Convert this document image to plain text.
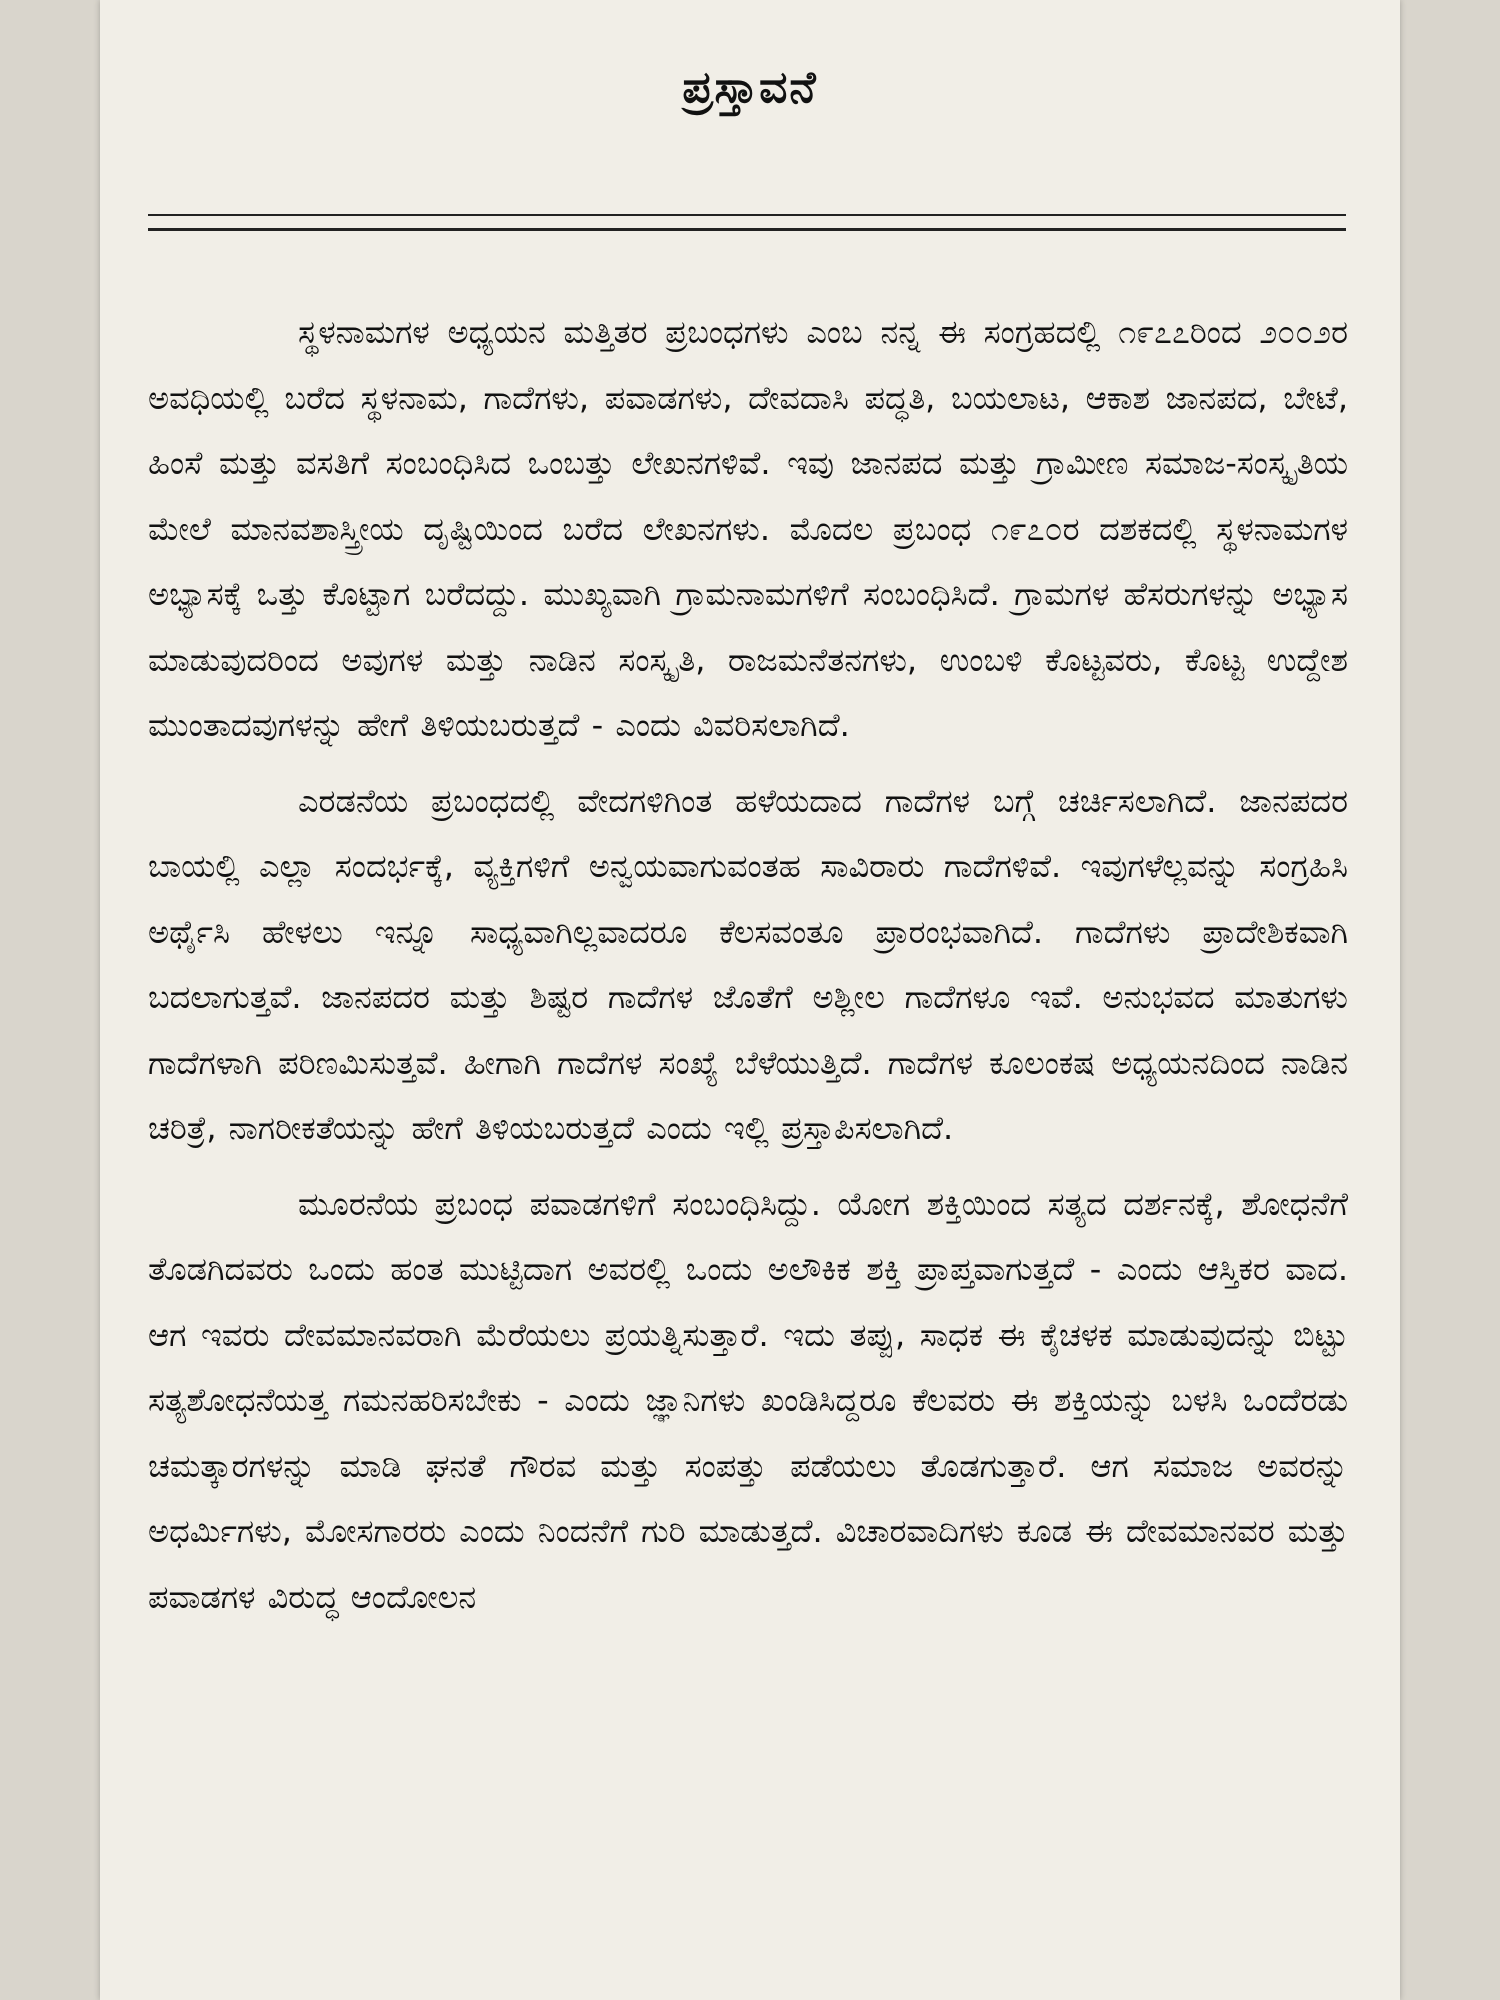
ಪ್ರಸ್ತಾವನೆ

ಸ್ಥಳನಾಮಗಳ ಅಧ್ಯಯನ ಮತ್ತಿತರ ಪ್ರಬಂಧಗಳು ಎಂಬ ನನ್ನ ಈ ಸಂಗ್ರಹದಲ್ಲಿ ೧೯೭೭ರಿಂದ ೨೦೦೨ರ ಅವಧಿಯಲ್ಲಿ ಬರೆದ ಸ್ಥಳನಾಮ, ಗಾದೆಗಳು, ಪವಾಡಗಳು, ದೇವದಾಸಿ ಪದ್ಧತಿ, ಬಯಲಾಟ, ಆಕಾಶ ಜಾನಪದ, ಬೇಟೆ, ಹಿಂಸೆ ಮತ್ತು ವಸತಿಗೆ ಸಂಬಂಧಿಸಿದ ಒಂಬತ್ತು ಲೇಖನಗಳಿವೆ. ಇವು ಜಾನಪದ ಮತ್ತು ಗ್ರಾಮೀಣ ಸಮಾಜ-ಸಂಸ್ಕೃತಿಯ ಮೇಲೆ ಮಾನವಶಾಸ್ತ್ರೀಯ ದೃಷ್ಟಿಯಿಂದ ಬರೆದ ಲೇಖನಗಳು. ಮೊದಲ ಪ್ರಬಂಧ ೧೯೭೦ರ ದಶಕದಲ್ಲಿ ಸ್ಥಳನಾಮಗಳ ಅಭ್ಯಾಸಕ್ಕೆ ಒತ್ತು ಕೊಟ್ಟಾಗ ಬರೆದದ್ದು. ಮುಖ್ಯವಾಗಿ ಗ್ರಾಮನಾಮಗಳಿಗೆ ಸಂಬಂಧಿಸಿದೆ. ಗ್ರಾಮಗಳ ಹೆಸರುಗಳನ್ನು ಅಭ್ಯಾಸ ಮಾಡುವುದರಿಂದ ಅವುಗಳ ಮತ್ತು ನಾಡಿನ ಸಂಸ್ಕೃತಿ, ರಾಜಮನೆತನಗಳು, ಉಂಬಳಿ ಕೊಟ್ಟವರು, ಕೊಟ್ಟ ಉದ್ದೇಶ ಮುಂತಾದವುಗಳನ್ನು ಹೇಗೆ ತಿಳಿಯಬರುತ್ತದೆ - ಎಂದು ವಿವರಿಸಲಾಗಿದೆ.

ಎರಡನೆಯ ಪ್ರಬಂಧದಲ್ಲಿ ವೇದಗಳಿಗಿಂತ ಹಳೆಯದಾದ ಗಾದೆಗಳ ಬಗ್ಗೆ ಚರ್ಚಿಸಲಾಗಿದೆ. ಜಾನಪದರ ಬಾಯಲ್ಲಿ ಎಲ್ಲಾ ಸಂದರ್ಭಕ್ಕೆ, ವ್ಯಕ್ತಿಗಳಿಗೆ ಅನ್ವಯವಾಗುವಂತಹ ಸಾವಿರಾರು ಗಾದೆಗಳಿವೆ. ಇವುಗಳೆಲ್ಲವನ್ನು ಸಂಗ್ರಹಿಸಿ ಅರ್ಥೈಸಿ ಹೇಳಲು ಇನ್ನೂ ಸಾಧ್ಯವಾಗಿಲ್ಲವಾದರೂ ಕೆಲಸವಂತೂ ಪ್ರಾರಂಭವಾಗಿದೆ. ಗಾದೆಗಳು ಪ್ರಾದೇಶಿಕವಾಗಿ ಬದಲಾಗುತ್ತವೆ. ಜಾನಪದರ ಮತ್ತು ಶಿಷ್ಟರ ಗಾದೆಗಳ ಜೊತೆಗೆ ಅಶ್ಲೀಲ ಗಾದೆಗಳೂ ಇವೆ. ಅನುಭವದ ಮಾತುಗಳು ಗಾದೆಗಳಾಗಿ ಪರಿಣಮಿಸುತ್ತವೆ. ಹೀಗಾಗಿ ಗಾದೆಗಳ ಸಂಖ್ಯೆ ಬೆಳೆಯುತ್ತಿದೆ. ಗಾದೆಗಳ ಕೂಲಂಕಷ ಅಧ್ಯಯನದಿಂದ ನಾಡಿನ ಚರಿತ್ರೆ, ನಾಗರೀಕತೆಯನ್ನು ಹೇಗೆ ತಿಳಿಯಬರುತ್ತದೆ ಎಂದು ಇಲ್ಲಿ ಪ್ರಸ್ತಾಪಿಸಲಾಗಿದೆ.

ಮೂರನೆಯ ಪ್ರಬಂಧ ಪವಾಡಗಳಿಗೆ ಸಂಬಂಧಿಸಿದ್ದು. ಯೋಗ ಶಕ್ತಿಯಿಂದ ಸತ್ಯದ ದರ್ಶನಕ್ಕೆ, ಶೋಧನೆಗೆ ತೊಡಗಿದವರು ಒಂದು ಹಂತ ಮುಟ್ಟಿದಾಗ ಅವರಲ್ಲಿ ಒಂದು ಅಲೌಕಿಕ ಶಕ್ತಿ ಪ್ರಾಪ್ತವಾಗುತ್ತದೆ - ಎಂದು ಆಸ್ತಿಕರ ವಾದ. ಆಗ ಇವರು ದೇವಮಾನವರಾಗಿ ಮೆರೆಯಲು ಪ್ರಯತ್ನಿಸುತ್ತಾರೆ. ಇದು ತಪ್ಪು, ಸಾಧಕ ಈ ಕೈಚಳಕ ಮಾಡುವುದನ್ನು ಬಿಟ್ಟು ಸತ್ಯಶೋಧನೆಯತ್ತ ಗಮನಹರಿಸಬೇಕು - ಎಂದು ಜ್ಞಾನಿಗಳು ಖಂಡಿಸಿದ್ದರೂ ಕೆಲವರು ಈ ಶಕ್ತಿಯನ್ನು ಬಳಸಿ ಒಂದೆರಡು ಚಮತ್ಕಾರಗಳನ್ನು ಮಾಡಿ ಘನತೆ ಗೌರವ ಮತ್ತು ಸಂಪತ್ತು ಪಡೆಯಲು ತೊಡಗುತ್ತಾರೆ. ಆಗ ಸಮಾಜ ಅವರನ್ನು ಅಧರ್ಮಿಗಳು, ಮೋಸಗಾರರು ಎಂದು ನಿಂದನೆಗೆ ಗುರಿ ಮಾಡುತ್ತದೆ. ವಿಚಾರವಾದಿಗಳು ಕೂಡ ಈ ದೇವಮಾನವರ ಮತ್ತು ಪವಾಡಗಳ ವಿರುದ್ಧ ಆಂದೋಲನ
